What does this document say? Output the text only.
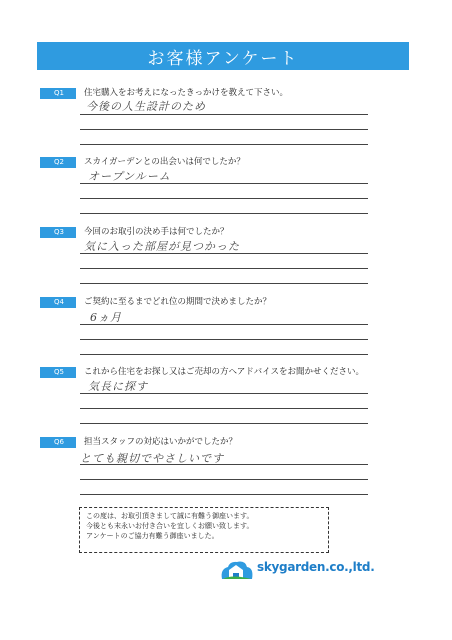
お客様アンケート
Q1	住宅購入をお考えになったきっかけを教えて下さい。
今後の人生設計のため
Q2	スカイガーデンとの出会いは何でしたか？
オープンルーム
Q3	今回のお取引の決め手は何でしたか？
気に入った部屋が見つかった
Q4	ご契約に至るまでどれ位の期間で決めましたか？
6ヵ月
Q5	これから住宅をお探し又はご売却の方へアドバイスをお聞かせください。
気長に探す
Q6	担当スタッフの対応はいかがでしたか？
とても親切でやさしいです
この度は、お取引頂きまして誠に有難う御座います。
今後とも末永いお付き合いを宜しくお願い致します。
アンケートのご協力有難う御座いました。
skygarden.co.,ltd.
